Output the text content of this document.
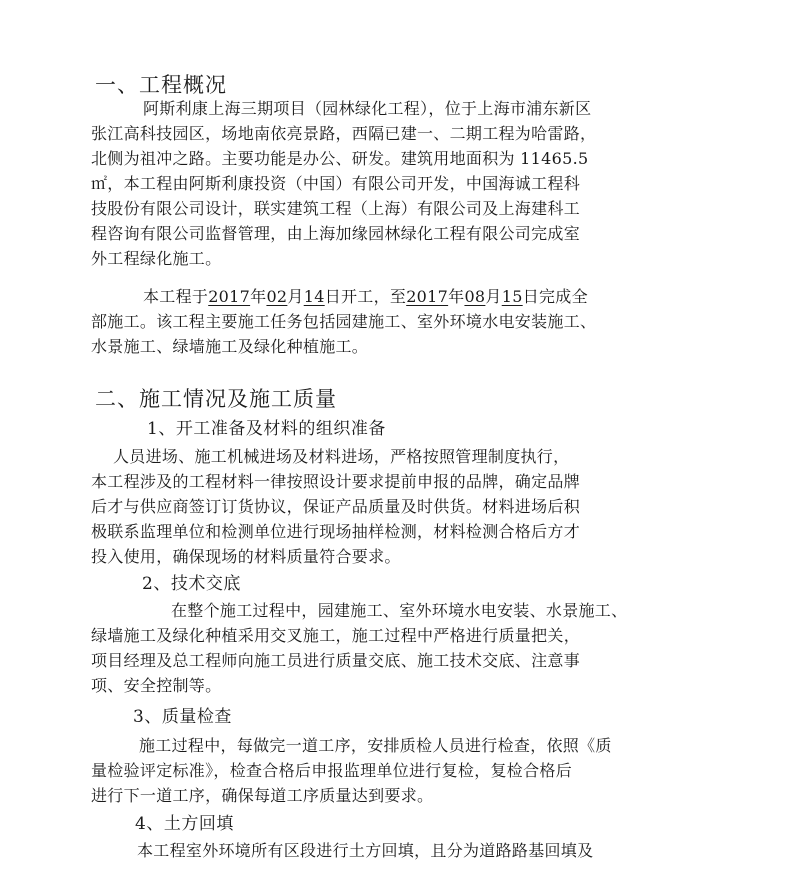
一、工程概况
阿斯利康上海三期项目（园林绿化工程），位于上海市浦东新区
张江高科技园区，场地南依亮景路，西隔已建一、二期工程为哈雷路，
北侧为祖冲之路。主要功能是办公、研发。建筑用地面积为 11465.5
㎡，本工程由阿斯利康投资（中国）有限公司开发，中国海诚工程科
技股份有限公司设计，联实建筑工程（上海）有限公司及上海建科工
程咨询有限公司监督管理，由上海加缘园林绿化工程有限公司完成室
外工程绿化施工。
本工程于2017年02月14日开工，至2017年08月15日完成全
部施工。该工程主要施工任务包括园建施工、室外环境水电安装施工、
水景施工、绿墙施工及绿化种植施工。
二、施工情况及施工质量
1、开工准备及材料的组织准备
人员进场、施工机械进场及材料进场，严格按照管理制度执行，
本工程涉及的工程材料一律按照设计要求提前申报的品牌，确定品牌
后才与供应商签订订货协议，保证产品质量及时供货。材料进场后积
极联系监理单位和检测单位进行现场抽样检测，材料检测合格后方才
投入使用，确保现场的材料质量符合要求。
2、技术交底
在整个施工过程中，园建施工、室外环境水电安装、水景施工、
绿墙施工及绿化种植采用交叉施工，施工过程中严格进行质量把关，
项目经理及总工程师向施工员进行质量交底、施工技术交底、注意事
项、安全控制等。
3、质量检查
施工过程中，每做完一道工序，安排质检人员进行检查，依照《质
量检验评定标准》，检查合格后申报监理单位进行复检，复检合格后
进行下一道工序，确保每道工序质量达到要求。
4、土方回填
本工程室外环境所有区段进行土方回填，且分为道路路基回填及
